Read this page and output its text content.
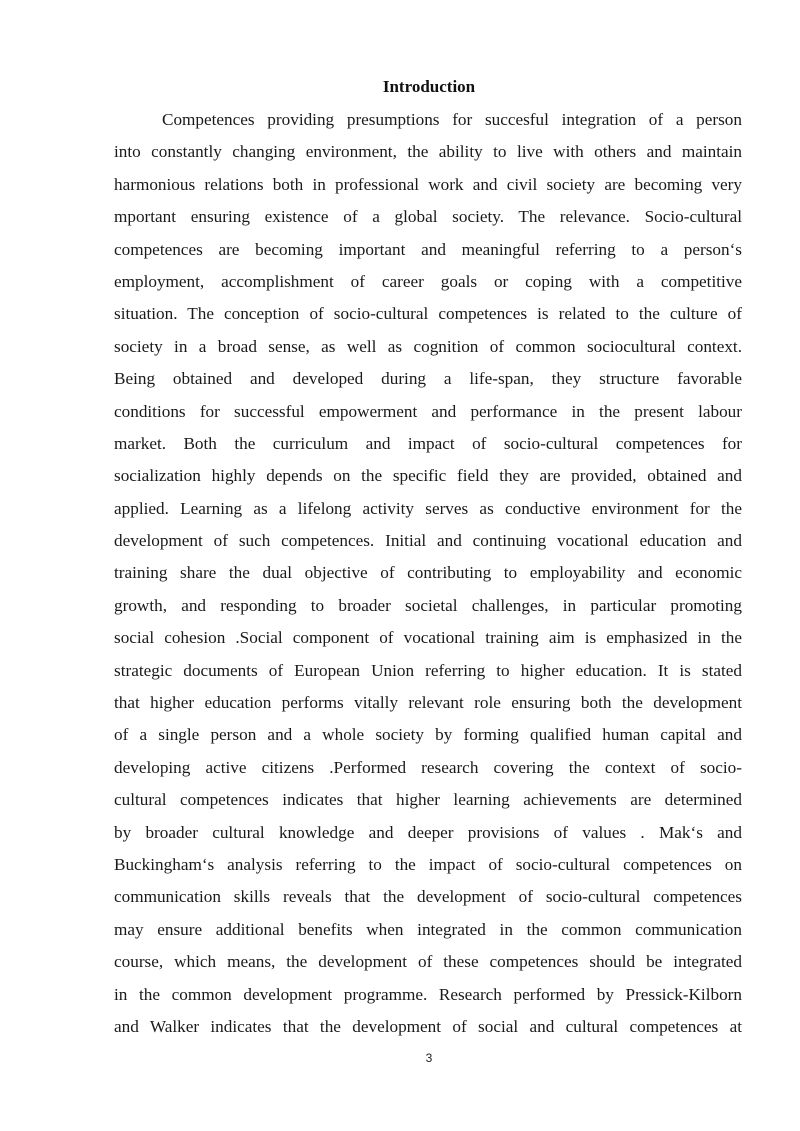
Introduction
Competences providing presumptions for succesful integration of a person
into constantly changing environment, the ability to live with others and maintain
harmonious relations both in professional work and civil society are becoming very
mportant ensuring existence of a global society. The relevance. Socio-cultural
competences are becoming important and meaningful referring to a person‘s
employment, accomplishment of career goals or coping with a competitive
situation. The conception of socio-cultural competences is related to the culture of
society in a broad sense, as well as cognition of common sociocultural context.
Being obtained and developed during a life-span, they structure favorable
conditions for successful empowerment and performance in the present labour
market. Both the curriculum and impact of socio-cultural competences for
socialization highly depends on the specific field they are provided, obtained and
applied. Learning as a lifelong activity serves as conductive environment for the
development of such competences. Initial and continuing vocational education and
training share the dual objective of contributing to employability and economic
growth, and responding to broader societal challenges, in particular promoting
social cohesion .Social component of vocational training aim is emphasized in the
strategic documents of European Union referring to higher education. It is stated
that higher education performs vitally relevant role ensuring both the development
of a single person and a whole society by forming qualified human capital and
developing active citizens .Performed research covering the context of socio-
cultural competences indicates that higher learning achievements are determined
by broader cultural knowledge and deeper provisions of values . Mak‘s and
Buckingham‘s analysis referring to the impact of socio-cultural competences on
communication skills reveals that the development of socio-cultural competences
may ensure additional benefits when integrated in the common communication
course, which means, the development of these competences should be integrated
in the common development programme. Research performed by Pressick-Kilborn
and Walker indicates that the development of social and cultural competences at
3
